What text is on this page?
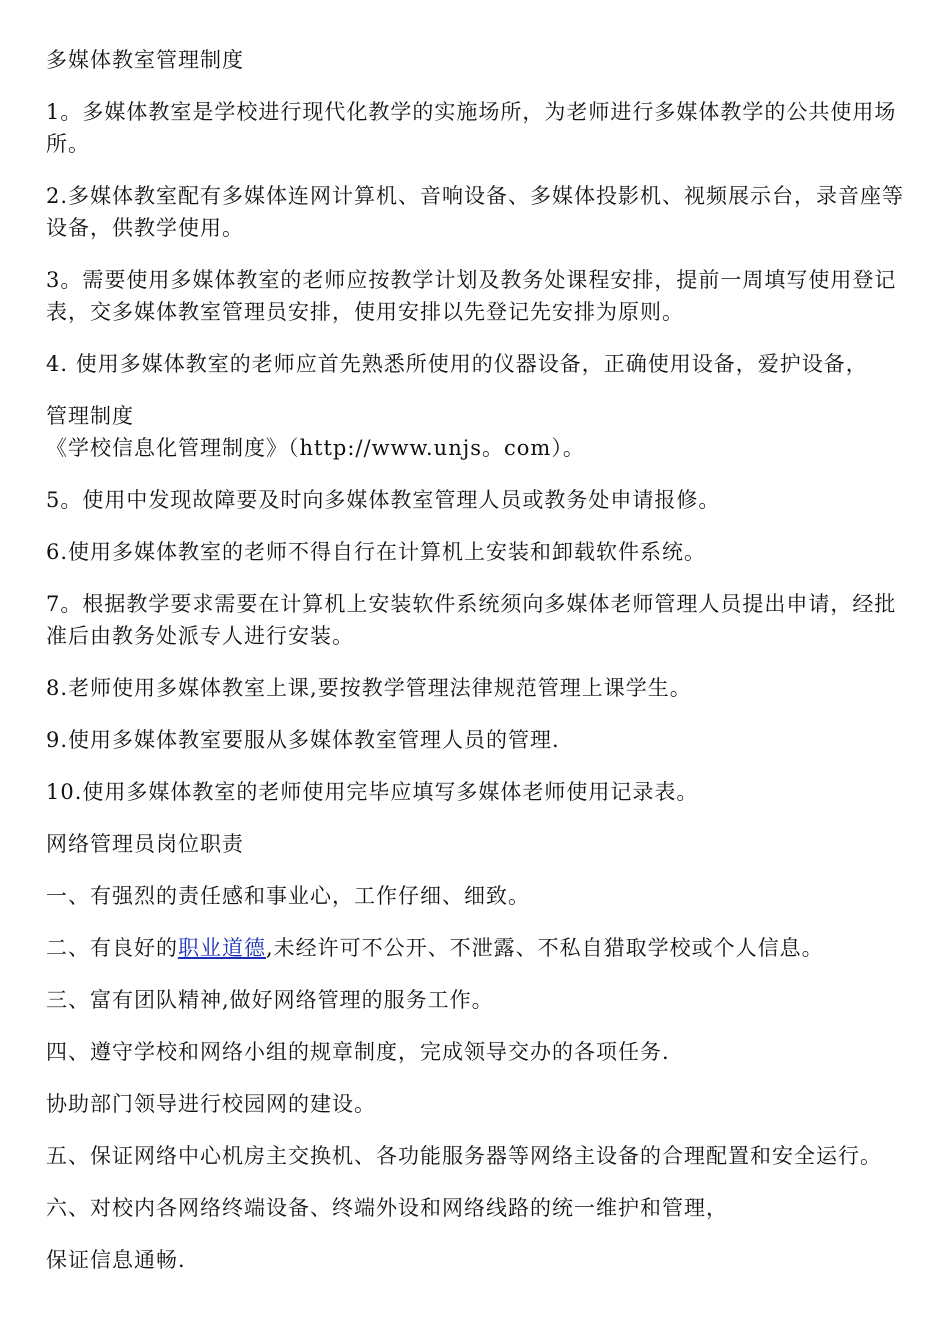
多媒体教室管理制度

1。多媒体教室是学校进行现代化教学的实施场所，为老师进行多媒体教学的公共使用场所。

2.多媒体教室配有多媒体连网计算机、音响设备、多媒体投影机、视频展示台，录音座等设备，供教学使用。

3。需要使用多媒体教室的老师应按教学计划及教务处课程安排，提前一周填写使用登记表，交多媒体教室管理员安排，使用安排以先登记先安排为原则。

4. 使用多媒体教室的老师应首先熟悉所使用的仪器设备，正确使用设备，爱护设备，

管理制度

《学校信息化管理制度》（http://www.unjs。com）。

5。使用中发现故障要及时向多媒体教室管理人员或教务处申请报修。

6.使用多媒体教室的老师不得自行在计算机上安装和卸载软件系统。

7。根据教学要求需要在计算机上安装软件系统须向多媒体老师管理人员提出申请，经批准后由教务处派专人进行安装。

8.老师使用多媒体教室上课,要按教学管理法律规范管理上课学生。

9.使用多媒体教室要服从多媒体教室管理人员的管理.

10.使用多媒体教室的老师使用完毕应填写多媒体老师使用记录表。

网络管理员岗位职责

一、有强烈的责任感和事业心，工作仔细、细致。

二、有良好的职业道德,未经许可不公开、不泄露、不私自猎取学校或个人信息。

三、富有团队精神,做好网络管理的服务工作。

四、遵守学校和网络小组的规章制度，完成领导交办的各项任务.

协助部门领导进行校园网的建设。

五、保证网络中心机房主交换机、各功能服务器等网络主设备的合理配置和安全运行。

六、对校内各网络终端设备、终端外设和网络线路的统一维护和管理，

保证信息通畅.
